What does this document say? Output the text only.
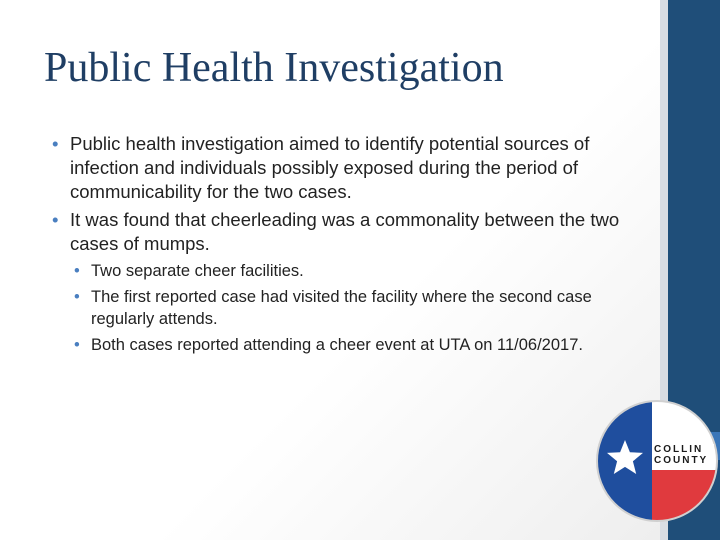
Public Health Investigation
• Public health investigation aimed to identify potential sources of infection and individuals possibly exposed during the period of communicability for the two cases.
• It was found that cheerleading was a commonality between the two cases of mumps.
• Two separate cheer facilities.
• The first reported case had visited the facility where the second case regularly attends.
• Both cases reported attending a cheer event at UTA on 11/06/2017.
COLLIN
COUNTY
